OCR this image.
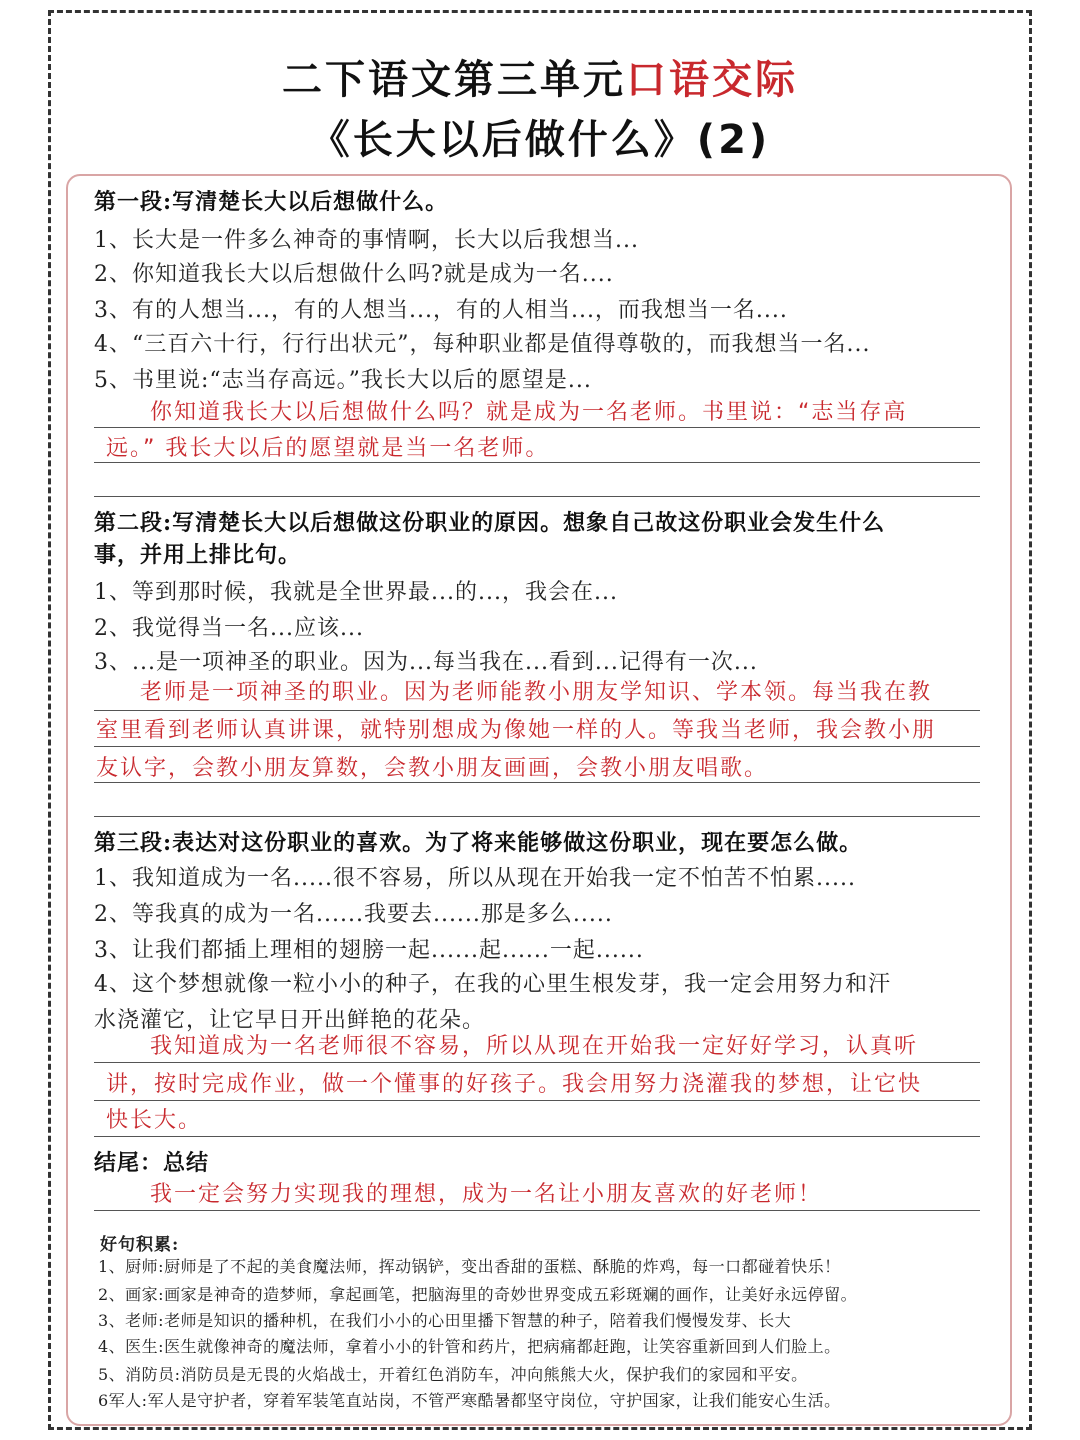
二下语文第三单元口语交际
《长大以后做什么》(2)
第一段:写清楚长大以后想做什么。
1、长大是一件多么神奇的事情啊，长大以后我想当...
2、你知道我长大以后想做什么吗?就是成为一名....
3、有的人想当...，有的人想当...，有的人相当...，而我想当一名....
4、“三百六十行，行行出状元”，每种职业都是值得尊敬的，而我想当一名...
5、书里说:“志当存高远。”我长大以后的愿望是...
你知道我长大以后想做什么吗？就是成为一名老师。书里说：“志当存高
远。” 我长大以后的愿望就是当一名老师。
第二段:写清楚长大以后想做这份职业的原因。想象自己故这份职业会发生什么
事，并用上排比句。
1、等到那时候，我就是全世界最...的...，我会在...
2、我觉得当一名...应该...
3、...是一项神圣的职业。因为...每当我在...看到...记得有一次...
老师是一项神圣的职业。因为老师能教小朋友学知识、学本领。每当我在教
室里看到老师认真讲课，就特别想成为像她一样的人。等我当老师，我会教小朋
友认字，会教小朋友算数，会教小朋友画画，会教小朋友唱歌。
第三段:表达对这份职业的喜欢。为了将来能够做这份职业，现在要怎么做。
1、我知道成为一名.....很不容易，所以从现在开始我一定不怕苦不怕累.....
2、等我真的成为一名......我要去......那是多么.....
3、让我们都插上理相的翅膀一起......起......一起......
4、这个梦想就像一粒小小的种子，在我的心里生根发芽，我一定会用努力和汗
水浇灌它，让它早日开出鲜艳的花朵。
我知道成为一名老师很不容易，所以从现在开始我一定好好学习，认真听
讲，按时完成作业，做一个懂事的好孩子。我会用努力浇灌我的梦想，让它快
快长大。
结尾：总结
我一定会努力实现我的理想，成为一名让小朋友喜欢的好老师！
好句积累:
1、厨师:厨师是了不起的美食魔法师，挥动锅铲，变出香甜的蛋糕、酥脆的炸鸡，每一口都碰着快乐！
2、画家:画家是神奇的造梦师，拿起画笔，把脑海里的奇妙世界变成五彩斑斓的画作，让美好永远停留。
3、老师:老师是知识的播种机，在我们小小的心田里播下智慧的种子，陪着我们慢慢发芽、长大
4、医生:医生就像神奇的魔法师，拿着小小的针管和药片，把病痛都赶跑，让笑容重新回到人们脸上。
5、消防员:消防员是无畏的火焰战士，开着红色消防车，冲向熊熊大火，保护我们的家园和平安。
6军人:军人是守护者，穿着军装笔直站岗，不管严寒酷暑都坚守岗位，守护国家，让我们能安心生活。
